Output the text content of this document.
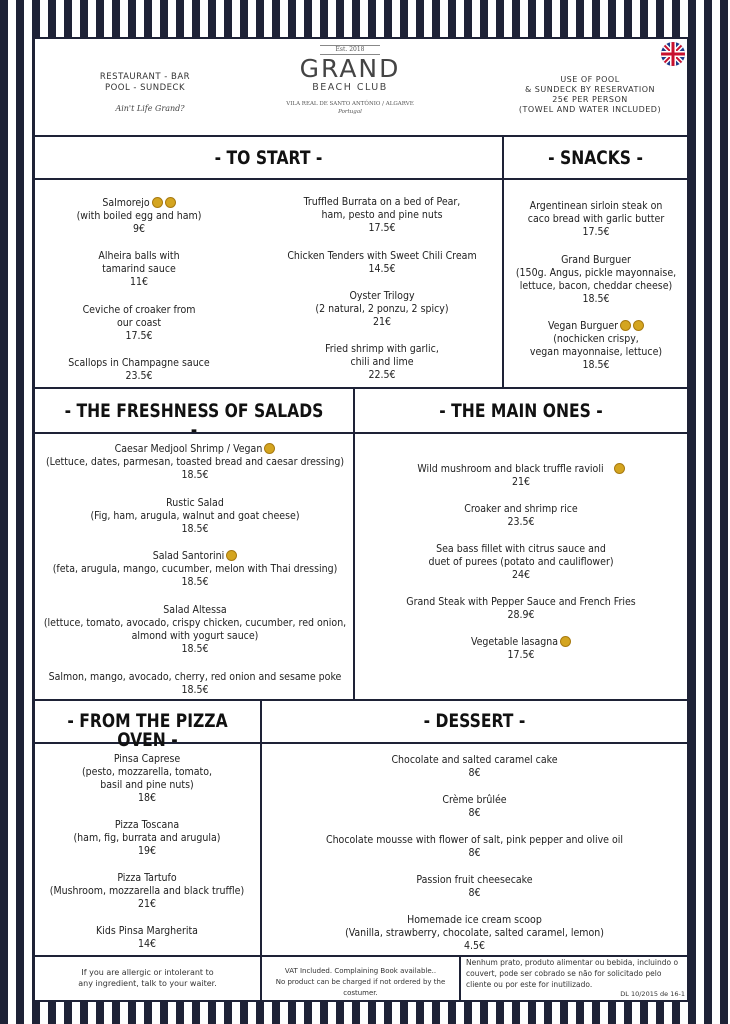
RESTAURANT - BAR
POOL - SUNDECK
Ain't Life Grand?
Est. 2018
GRAND
BEACH CLUB
VILA REAL DE SANTO ANTÓNIO / ALGARVE
Portugal
USE OF POOL
& SUNDECK BY RESERVATION
25€ PER PERSON
(TOWEL AND WATER INCLUDED)
- TO START -	- SNACKS -
- THE FRESHNESS OF SALADS -
- THE MAIN ONES -
- FROM THE PIZZA OVEN -
- DESSERT -
Salmorejo
(with boiled egg and ham)
9€
Alheira balls with
tamarind sauce
11€
Ceviche of croaker from
our coast
17.5€
Scallops in Champagne sauce
23.5€
Truffled Burrata on a bed of Pear,
ham, pesto and pine nuts
17.5€
Chicken Tenders with Sweet Chili Cream
14.5€
Oyster Trilogy
(2 natural, 2 ponzu, 2 spicy)
21€
Fried shrimp with garlic,
chili and lime
22.5€
Argentinean sirloin steak on
caco bread with garlic butter
17.5€
Grand Burguer
(150g. Angus, pickle mayonnaise,
lettuce, bacon, cheddar cheese)
18.5€
Vegan Burguer
(nochicken crispy,
vegan mayonnaise, lettuce)
18.5€
Caesar Medjool Shrimp / Vegan
(Lettuce, dates, parmesan, toasted bread and caesar dressing)
18.5€
Rustic Salad
(Fig, ham, arugula, walnut and goat cheese)
18.5€
Salad Santorini
(feta, arugula, mango, cucumber, melon with Thai dressing)
18.5€
Salad Altessa
(lettuce, tomato, avocado, crispy chicken, cucumber, red onion,
almond with yogurt sauce)
18.5€
Salmon, mango, avocado, cherry, red onion and sesame poke
18.5€
Wild mushroom and black truffle ravioli
21€
Croaker and shrimp rice
23.5€
Sea bass fillet with citrus sauce and
duet of purees (potato and cauliflower)
24€
Grand Steak with Pepper Sauce and French Fries
28.9€
Vegetable lasagna
17.5€
Pinsa Caprese
(pesto, mozzarella, tomato,
basil and pine nuts)
18€
Pizza Toscana
(ham, fig, burrata and arugula)
19€
Pizza Tartufo
(Mushroom, mozzarella and black truffle)
21€
Kids Pinsa Margherita
14€
Chocolate and salted caramel cake
8€
Crème brûlée
8€
Chocolate mousse with flower of salt, pink pepper and olive oil
8€
Passion fruit cheesecake
8€
Homemade ice cream scoop
(Vanilla, strawberry, chocolate, salted caramel, lemon)
4.5€
If you are allergic or intolerant to
any ingredient, talk to your waiter.
VAT Included. Complaining Book available..
No product can be charged if not ordered by the costumer.
Nenhum prato, produto alimentar ou bebida, incluindo o
couvert, pode ser cobrado se não for solicitado pelo
cliente ou por este for inutilizado.
DL 10/2015 de 16-1
